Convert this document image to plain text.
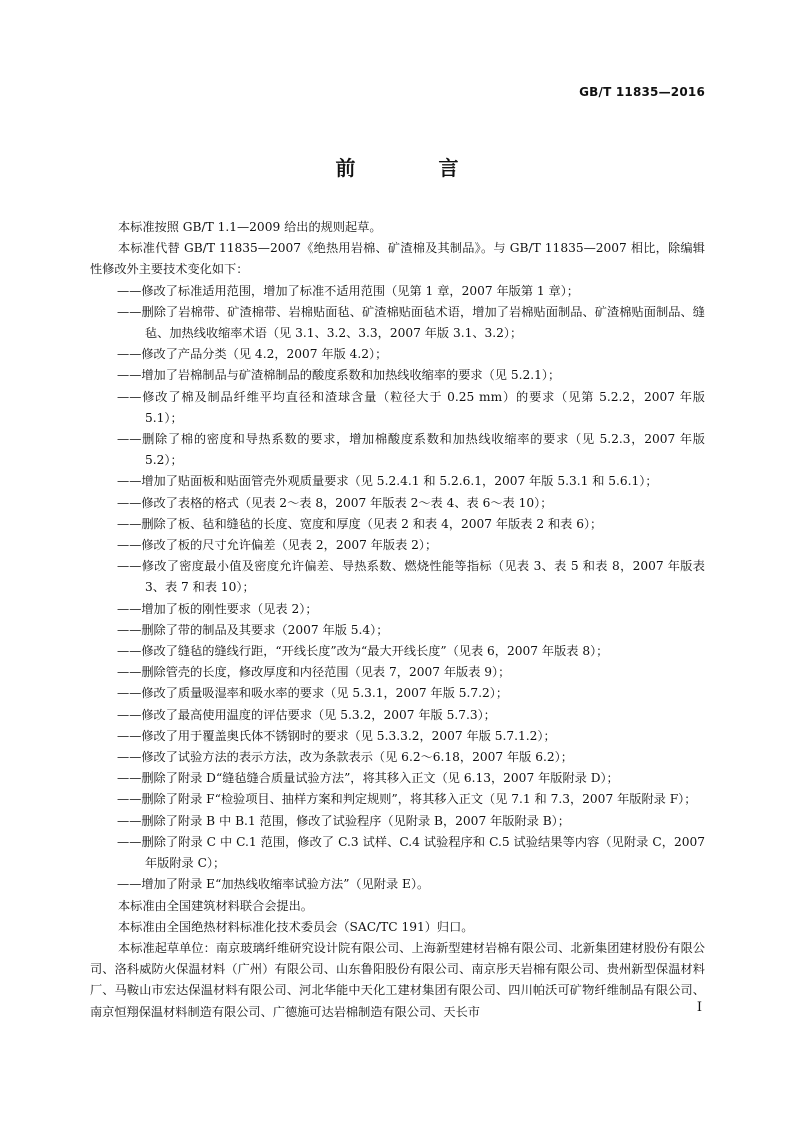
GB/T 11835—2016
前 言

本标准按照 GB/T 1.1—2009 给出的规则起草。

本标准代替 GB/T 11835—2007《绝热用岩棉、矿渣棉及其制品》。与 GB/T 11835—2007 相比，除编辑性修改外主要技术变化如下：

——修改了标准适用范围，增加了标准不适用范围（见第 1 章，2007 年版第 1 章）；

——删除了岩棉带、矿渣棉带、岩棉贴面毡、矿渣棉贴面毡术语，增加了岩棉贴面制品、矿渣棉贴面制品、缝毡、加热线收缩率术语（见 3.1、3.2、3.3，2007 年版 3.1、3.2）；

——修改了产品分类（见 4.2，2007 年版 4.2）；

——增加了岩棉制品与矿渣棉制品的酸度系数和加热线收缩率的要求（见 5.2.1）；

——修改了棉及制品纤维平均直径和渣球含量（粒径大于 0.25 mm）的要求（见第 5.2.2，2007 年版 5.1）；

——删除了棉的密度和导热系数的要求，增加棉酸度系数和加热线收缩率的要求（见 5.2.3，2007 年版 5.2）；

——增加了贴面板和贴面管壳外观质量要求（见 5.2.4.1 和 5.2.6.1，2007 年版 5.3.1 和 5.6.1）；

——修改了表格的格式（见表 2～表 8，2007 年版表 2～表 4、表 6～表 10）；

——删除了板、毡和缝毡的长度、宽度和厚度（见表 2 和表 4，2007 年版表 2 和表 6）；

——修改了板的尺寸允许偏差（见表 2，2007 年版表 2）；

——修改了密度最小值及密度允许偏差、导热系数、燃烧性能等指标（见表 3、表 5 和表 8，2007 年版表 3、表 7 和表 10）；

——增加了板的刚性要求（见表 2）；

——删除了带的制品及其要求（2007 年版 5.4）；

——修改了缝毡的缝线行距，“开线长度”改为“最大开线长度”（见表 6，2007 年版表 8）；

——删除管壳的长度，修改厚度和内径范围（见表 7，2007 年版表 9）；

——修改了质量吸湿率和吸水率的要求（见 5.3.1，2007 年版 5.7.2）；

——修改了最高使用温度的评估要求（见 5.3.2，2007 年版 5.7.3）；

——修改了用于覆盖奥氏体不锈钢时的要求（见 5.3.3.2，2007 年版 5.7.1.2）；

——修改了试验方法的表示方法，改为条款表示（见 6.2～6.18，2007 年版 6.2）；

——删除了附录 D“缝毡缝合质量试验方法”，将其移入正文（见 6.13，2007 年版附录 D）；

——删除了附录 F“检验项目、抽样方案和判定规则”，将其移入正文（见 7.1 和 7.3，2007 年版附录 F）；

——删除了附录 B 中 B.1 范围，修改了试验程序（见附录 B，2007 年版附录 B）；

——删除了附录 C 中 C.1 范围，修改了 C.3 试样、C.4 试验程序和 C.5 试验结果等内容（见附录 C，2007 年版附录 C）；

——增加了附录 E“加热线收缩率试验方法”（见附录 E）。

本标准由全国建筑材料联合会提出。

本标准由全国绝热材料标准化技术委员会（SAC/TC 191）归口。

本标准起草单位：南京玻璃纤维研究设计院有限公司、上海新型建材岩棉有限公司、北新集团建材股份有限公司、洛科威防火保温材料（广州）有限公司、山东鲁阳股份有限公司、南京彤天岩棉有限公司、贵州新型保温材料厂、马鞍山市宏达保温材料有限公司、河北华能中天化工建材集团有限公司、四川帕沃可矿物纤维制品有限公司、南京恒翔保温材料制造有限公司、广德施可达岩棉制造有限公司、天长市	I
